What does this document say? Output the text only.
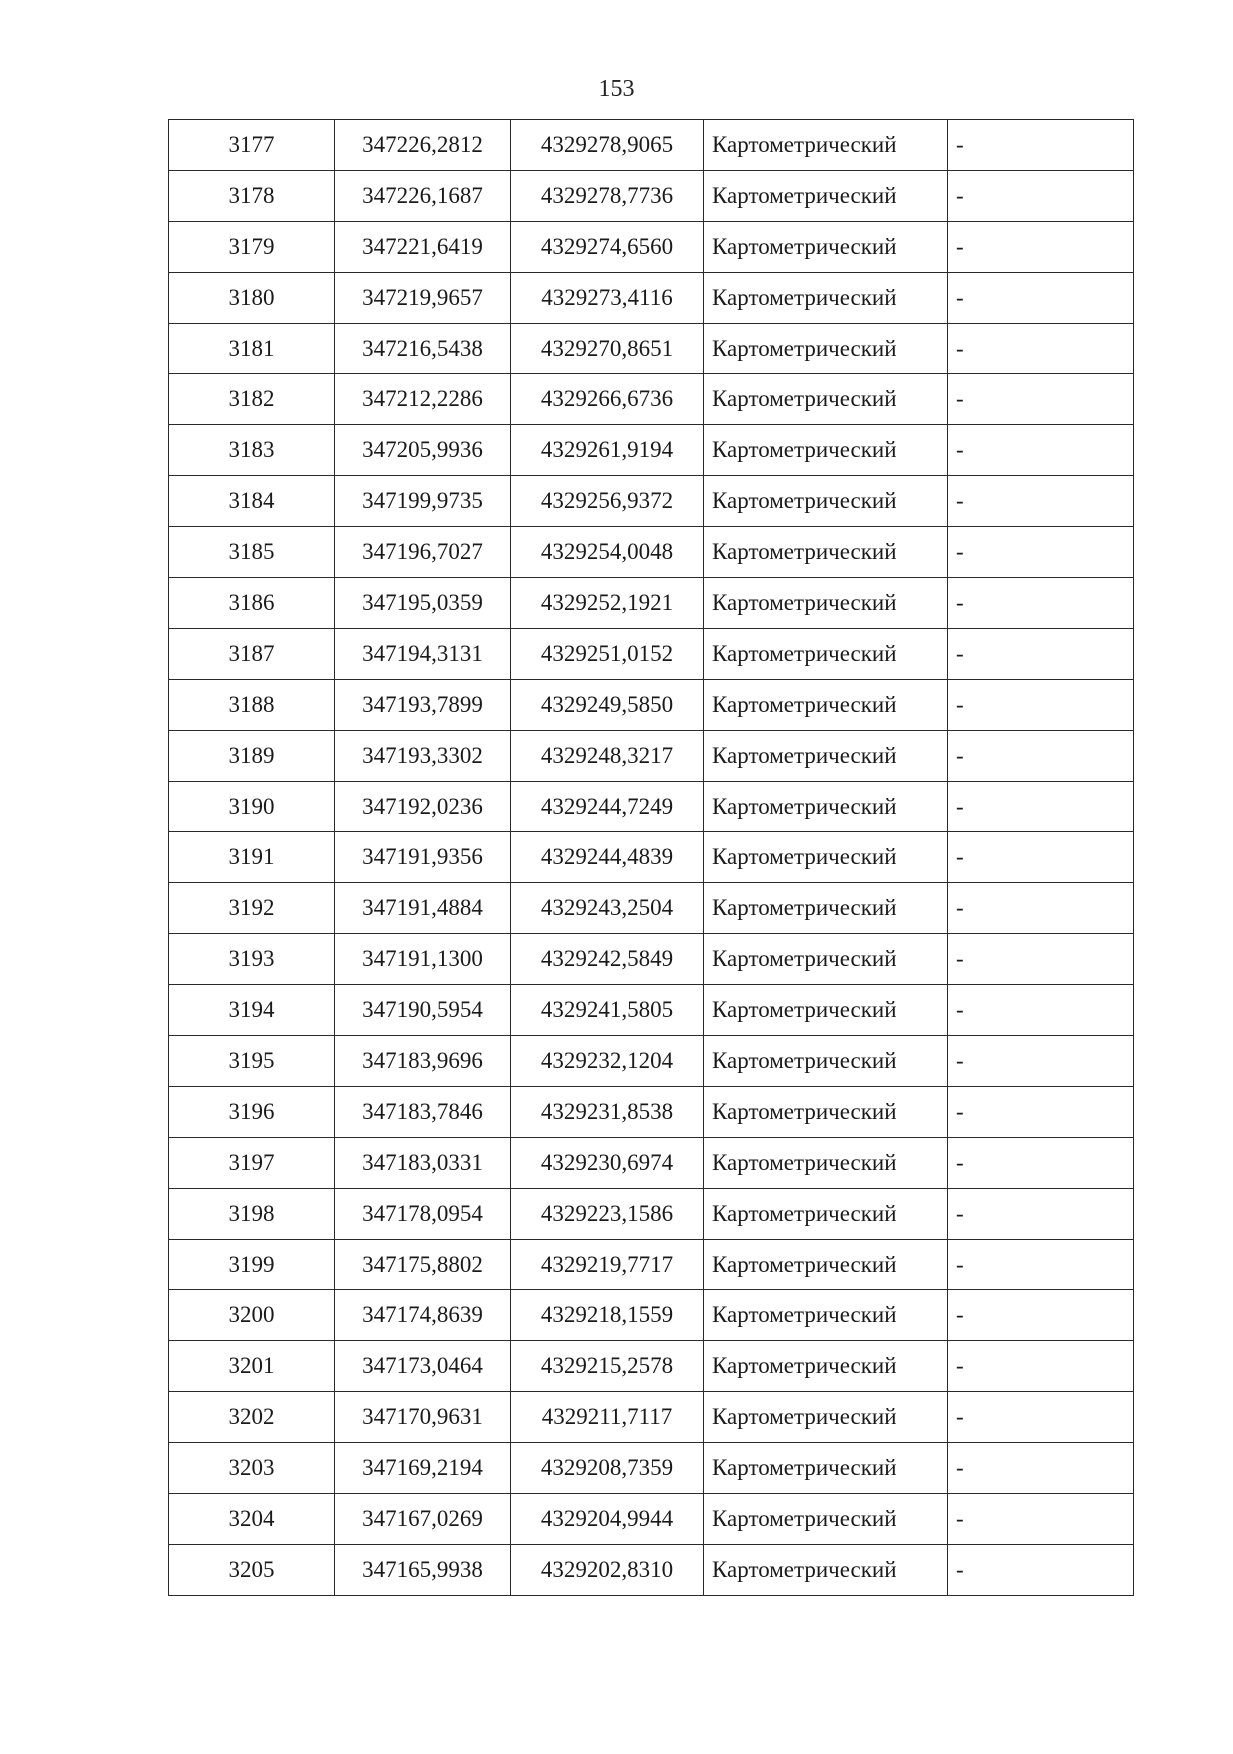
153
3177	347226,2812	4329278,9065	Картометрический	-
3178	347226,1687	4329278,7736	Картометрический	-
3179	347221,6419	4329274,6560	Картометрический	-
3180	347219,9657	4329273,4116	Картометрический	-
3181	347216,5438	4329270,8651	Картометрический	-
3182	347212,2286	4329266,6736	Картометрический	-
3183	347205,9936	4329261,9194	Картометрический	-
3184	347199,9735	4329256,9372	Картометрический	-
3185	347196,7027	4329254,0048	Картометрический	-
3186	347195,0359	4329252,1921	Картометрический	-
3187	347194,3131	4329251,0152	Картометрический	-
3188	347193,7899	4329249,5850	Картометрический	-
3189	347193,3302	4329248,3217	Картометрический	-
3190	347192,0236	4329244,7249	Картометрический	-
3191	347191,9356	4329244,4839	Картометрический	-
3192	347191,4884	4329243,2504	Картометрический	-
3193	347191,1300	4329242,5849	Картометрический	-
3194	347190,5954	4329241,5805	Картометрический	-
3195	347183,9696	4329232,1204	Картометрический	-
3196	347183,7846	4329231,8538	Картометрический	-
3197	347183,0331	4329230,6974	Картометрический	-
3198	347178,0954	4329223,1586	Картометрический	-
3199	347175,8802	4329219,7717	Картометрический	-
3200	347174,8639	4329218,1559	Картометрический	-
3201	347173,0464	4329215,2578	Картометрический	-
3202	347170,9631	4329211,7117	Картометрический	-
3203	347169,2194	4329208,7359	Картометрический	-
3204	347167,0269	4329204,9944	Картометрический	-
3205	347165,9938	4329202,8310	Картометрический	-
